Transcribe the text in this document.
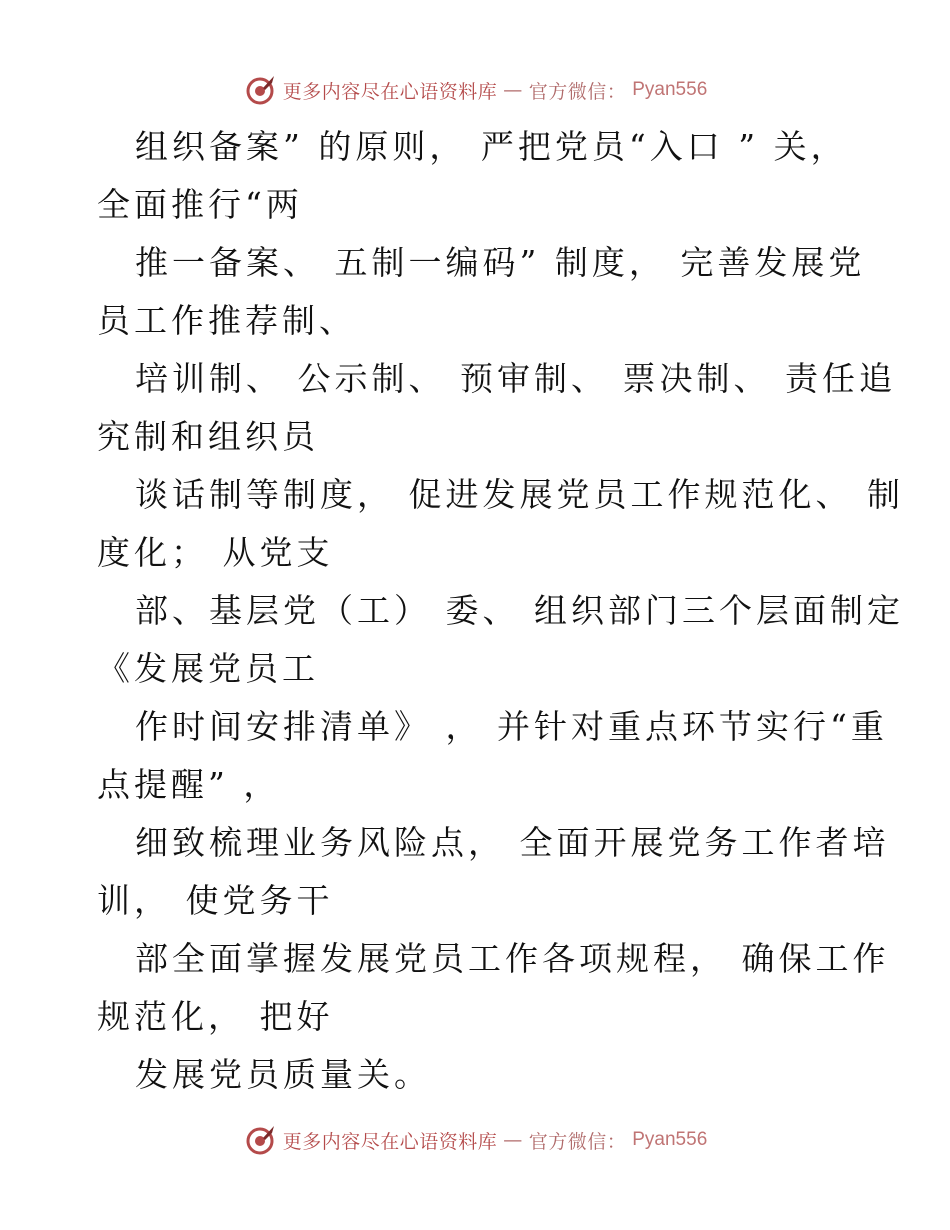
更多内容尽在心语资料库 — 官方微信： Pyan556
组织备案” 的原则， 严把党员“入口 ” 关，
全面推行“两
推一备案、 五制一编码” 制度， 完善发展党
员工作推荐制、
培训制、 公示制、 预审制、 票决制、 责任追
究制和组织员
谈话制等制度， 促进发展党员工作规范化、 制
度化； 从党支
部、基层党（工） 委、 组织部门三个层面制定
《发展党员工
作时间安排清单》 ， 并针对重点环节实行“重
点提醒” ，
细致梳理业务风险点， 全面开展党务工作者培
训， 使党务干
部全面掌握发展党员工作各项规程， 确保工作
规范化， 把好
发展党员质量关。
更多内容尽在心语资料库 — 官方微信： Pyan556
